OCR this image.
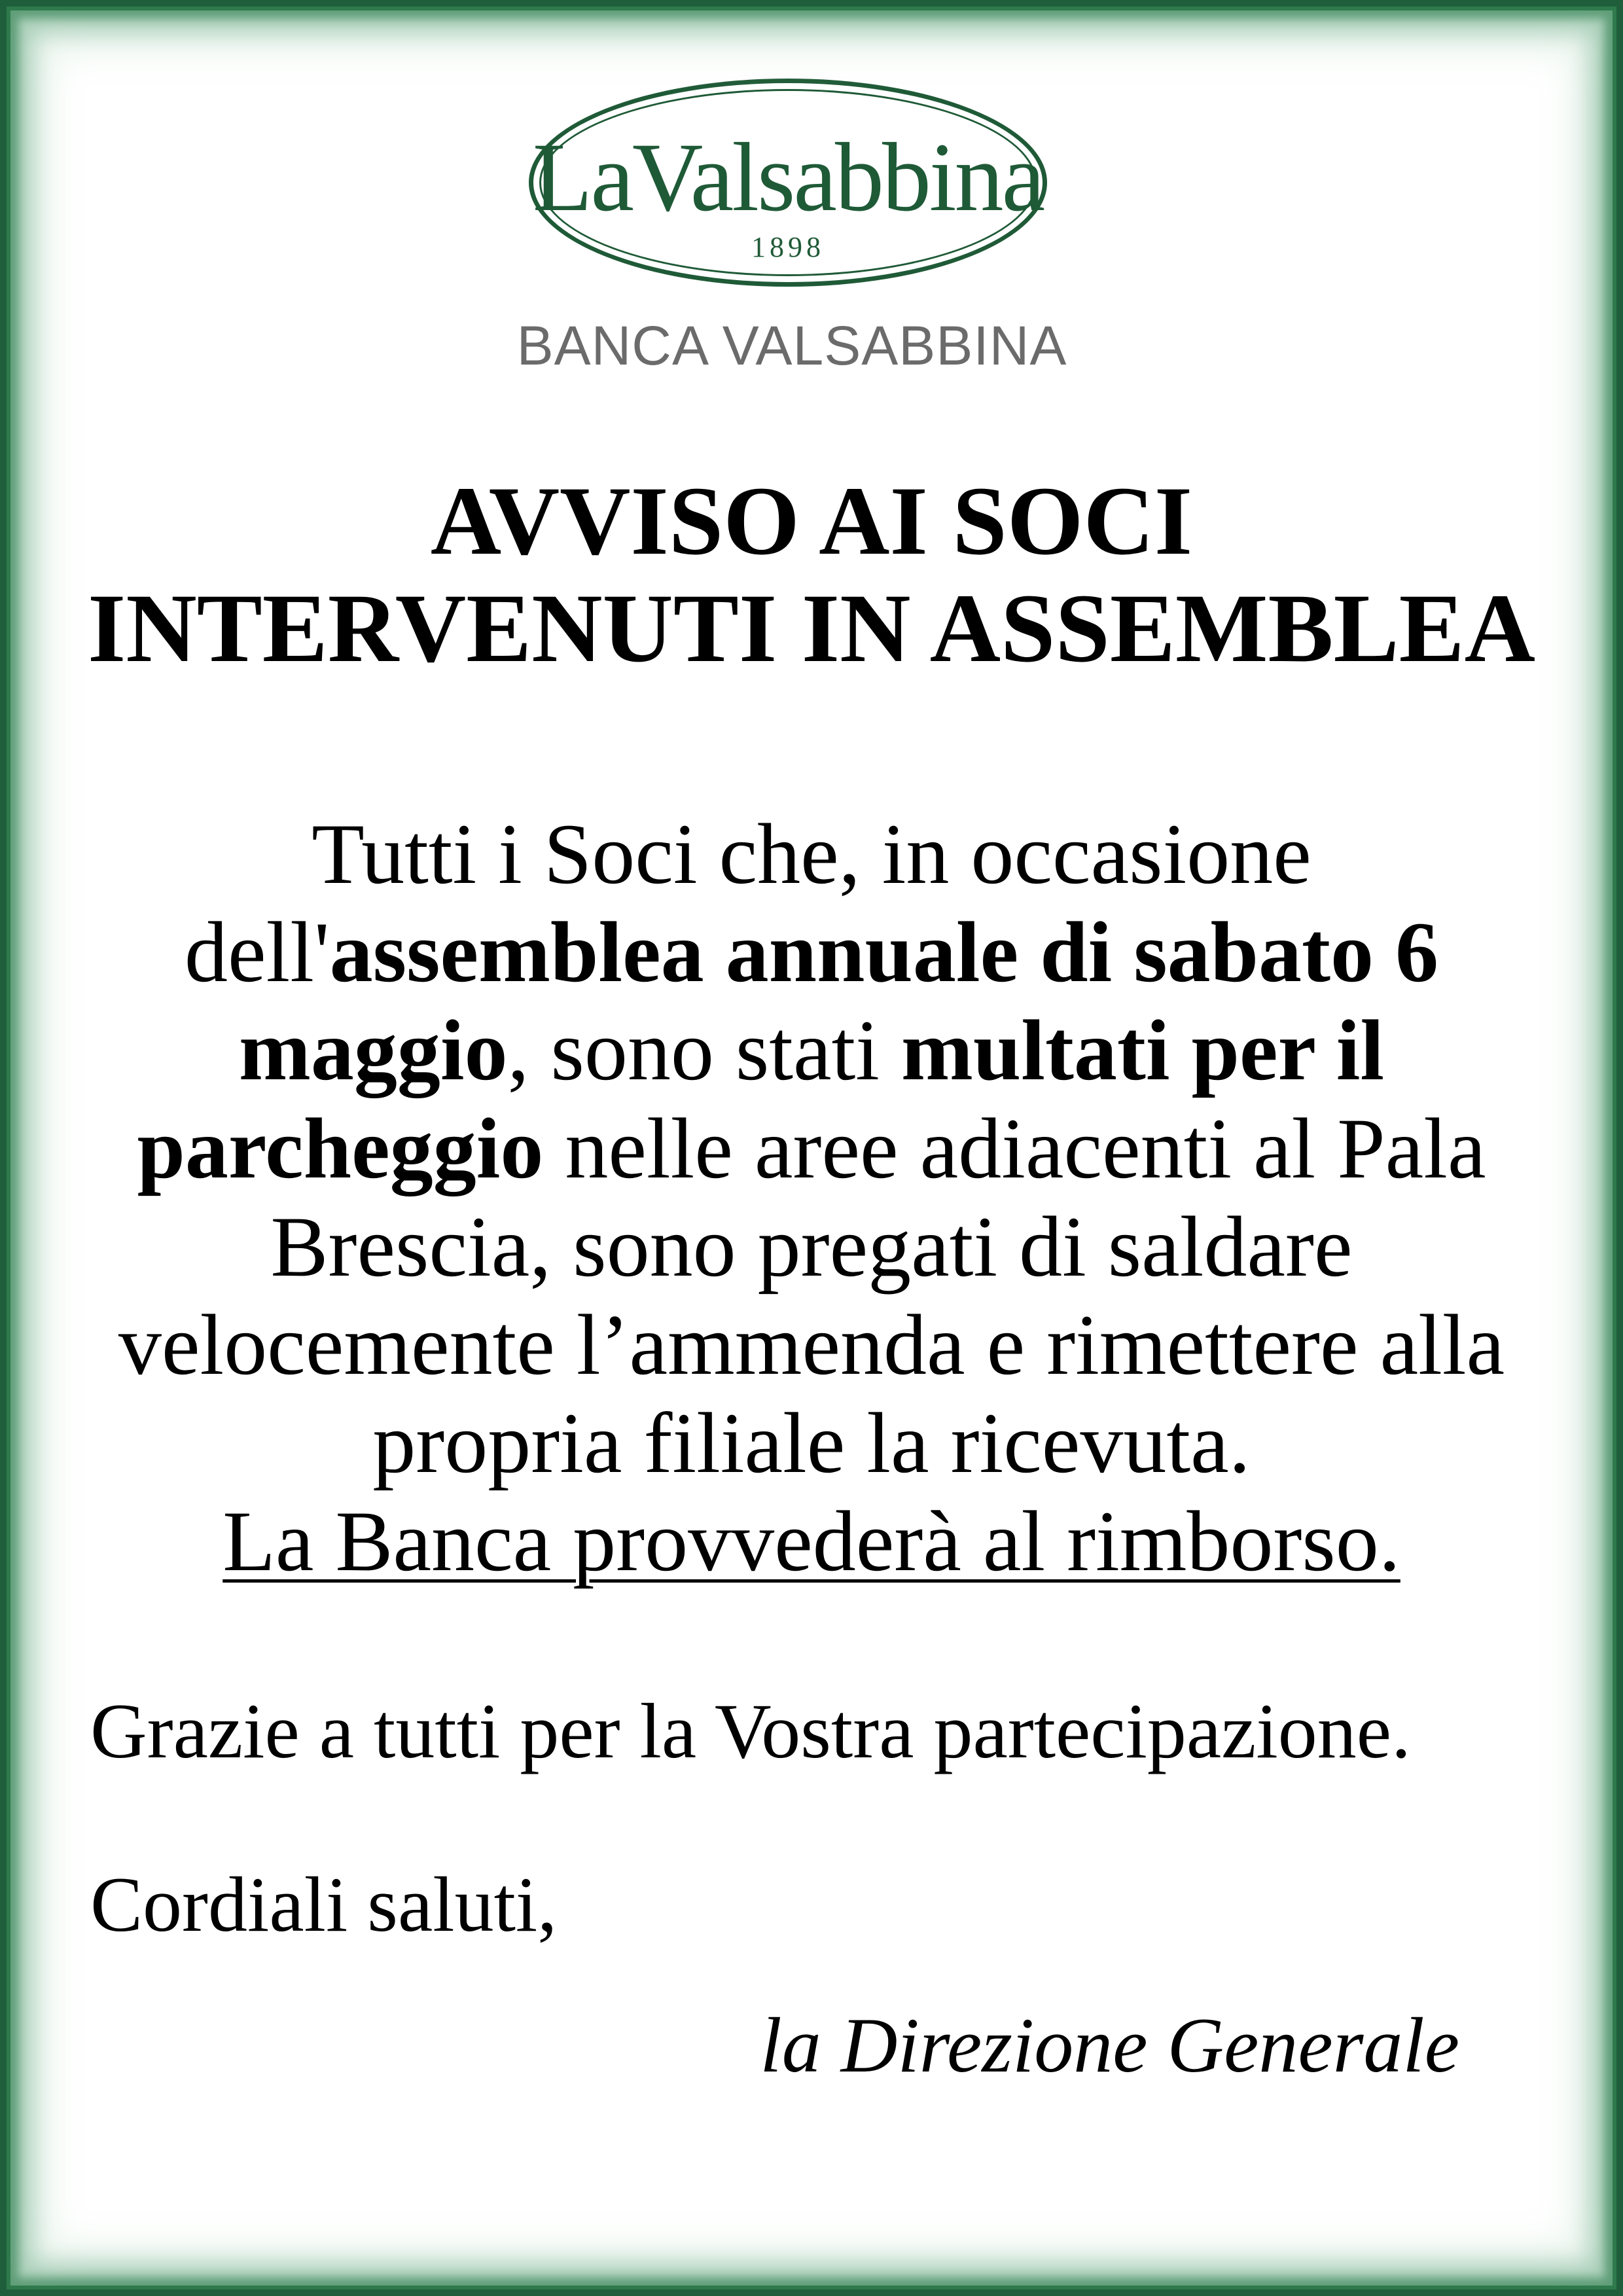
LaValsabbina
1898
BANCA VALSABBINA
AVVISO AI SOCI
INTERVENUTI IN ASSEMBLEA
Tutti i Soci che, in occasione
dell'assemblea annuale di sabato 6
maggio, sono stati multati per il
parcheggio nelle aree adiacenti al Pala
Brescia, sono pregati di saldare
velocemente l’ammenda e rimettere alla
propria filiale la ricevuta.
La Banca provvederà al rimborso.
Grazie a tutti per la Vostra partecipazione.
Cordiali saluti,
la Direzione Generale
